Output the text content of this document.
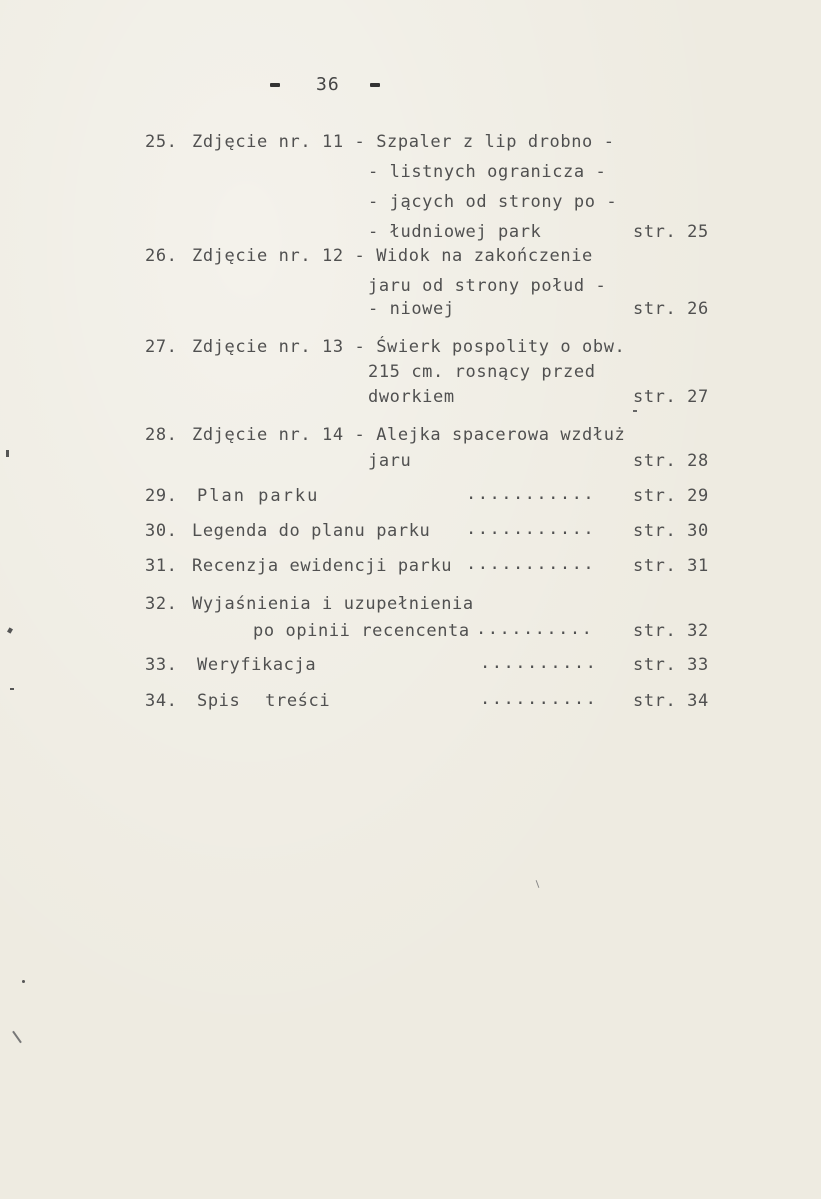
36
25. Zdjęcie nr. 11 - Szpaler z lip drobno -
- listnych ogranicza -
- jących od strony po -
- łudniowej park	str. 25
26. Zdjęcie nr. 12 - Widok na zakończenie
jaru od strony połud -
- niowej	str. 26
27. Zdjęcie nr. 13 - Świerk pospolity o obw.
215 cm. rosnący przed
dworkiem	str. 27
28. Zdjęcie nr. 14 - Alejka spacerowa wzdłuż
jaru	str. 28
29. Plan parku	........... str. 29
30. Legenda do planu parku ........... str. 30
31. Recenzja ewidencji parku ........... str. 31
32. Wyjaśnienia i uzupełnienia
po opinii recencenta .......... str. 32
33. Weryfikacja	.......... str. 33
34. Spis treści	.......... str. 34
